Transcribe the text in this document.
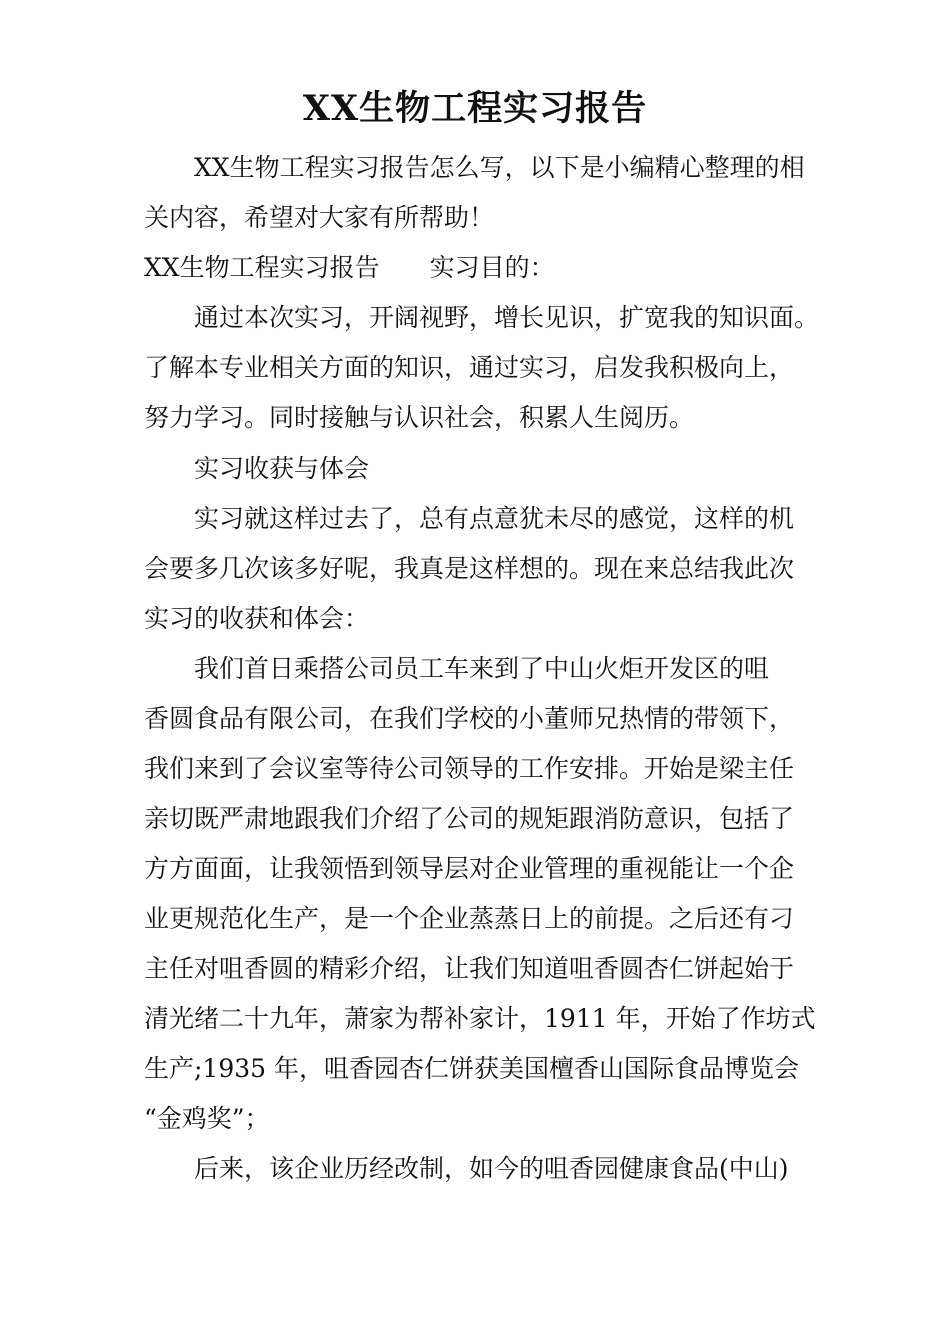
XX生物工程实习报告
XX生物工程实习报告怎么写，以下是小编精心整理的相
关内容，希望对大家有所帮助！
XX生物工程实习报告　　实习目的：
通过本次实习，开阔视野，增长见识，扩宽我的知识面。
了解本专业相关方面的知识，通过实习，启发我积极向上，
努力学习。同时接触与认识社会，积累人生阅历。
实习收获与体会
实习就这样过去了，总有点意犹未尽的感觉，这样的机
会要多几次该多好呢，我真是这样想的。现在来总结我此次
实习的收获和体会：
我们首日乘搭公司员工车来到了中山火炬开发区的咀
香圆食品有限公司，在我们学校的小董师兄热情的带领下，
我们来到了会议室等待公司领导的工作安排。开始是梁主任
亲切既严肃地跟我们介绍了公司的规矩跟消防意识，包括了
方方面面，让我领悟到领导层对企业管理的重视能让一个企
业更规范化生产，是一个企业蒸蒸日上的前提。之后还有刁
主任对咀香圆的精彩介绍，让我们知道咀香圆杏仁饼起始于
清光绪二十九年，萧家为帮补家计，1911 年，开始了作坊式
生产;1935 年，咀香园杏仁饼获美国檀香山国际食品博览会
“金鸡奖”；
后来，该企业历经改制，如今的咀香园健康食品(中山)
